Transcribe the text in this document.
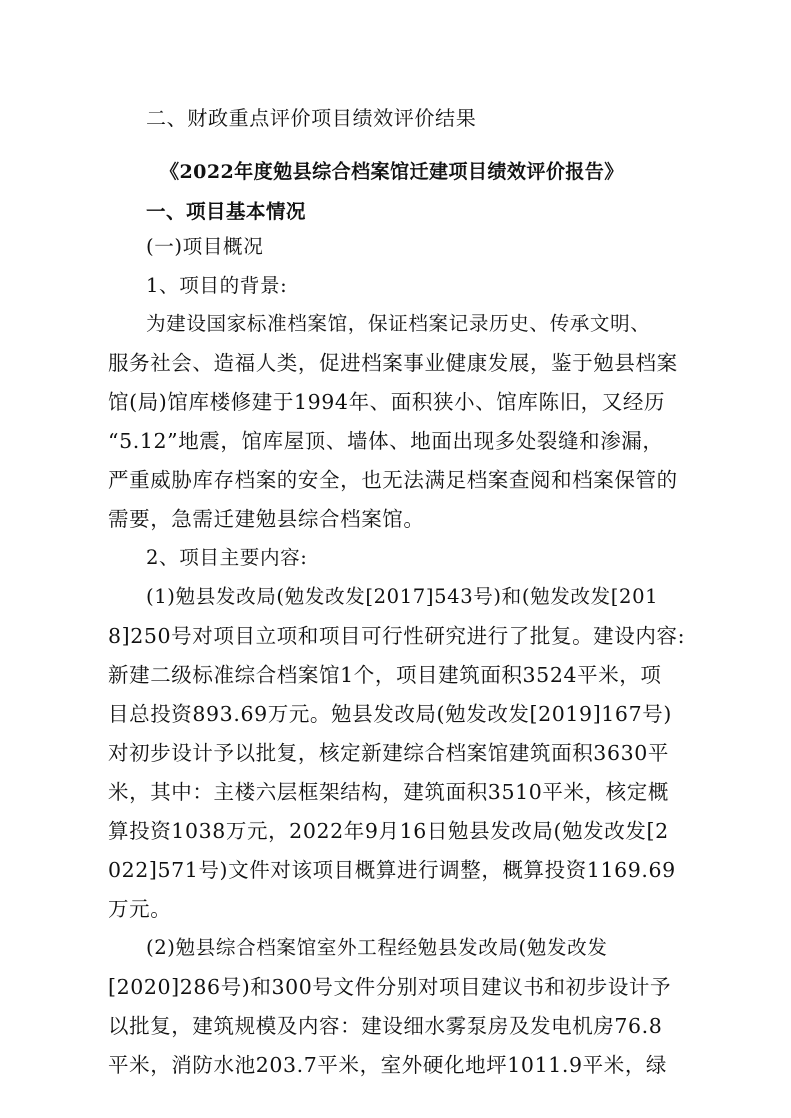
二、财政重点评价项目绩效评价结果
《2022年度勉县综合档案馆迁建项目绩效评价报告》
一、项目基本情况
(一)项目概况
1、项目的背景:
为建设国家标准档案馆，保证档案记录历史、传承文明、
服务社会、造福人类，促进档案事业健康发展，鉴于勉县档案
馆(局)馆库楼修建于1994年、面积狭小、馆库陈旧，又经历
“5.12”地震，馆库屋顶、墙体、地面出现多处裂缝和渗漏，
严重威胁库存档案的安全，也无法满足档案查阅和档案保管的
需要，急需迁建勉县综合档案馆。
2、项目主要内容:
(1)勉县发改局(勉发改发[2017]543号)和(勉发改发[201
8]250号对项目立项和项目可行性研究进行了批复。建设内容:
新建二级标准综合档案馆1个，项目建筑面积3524平米，项
目总投资893.69万元。勉县发改局(勉发改发[2019]167号)
对初步设计予以批复，核定新建综合档案馆建筑面积3630平
米，其中：主楼六层框架结构，建筑面积3510平米，核定概
算投资1038万元，2022年9月16日勉县发改局(勉发改发[2
022]571号)文件对该项目概算进行调整，概算投资1169.69
万元。
(2)勉县综合档案馆室外工程经勉县发改局(勉发改发
[2020]286号)和300号文件分别对项目建议书和初步设计予
以批复，建筑规模及内容：建设细水雾泵房及发电机房76.8
平米，消防水池203.7平米，室外硬化地坪1011.9平米，绿
